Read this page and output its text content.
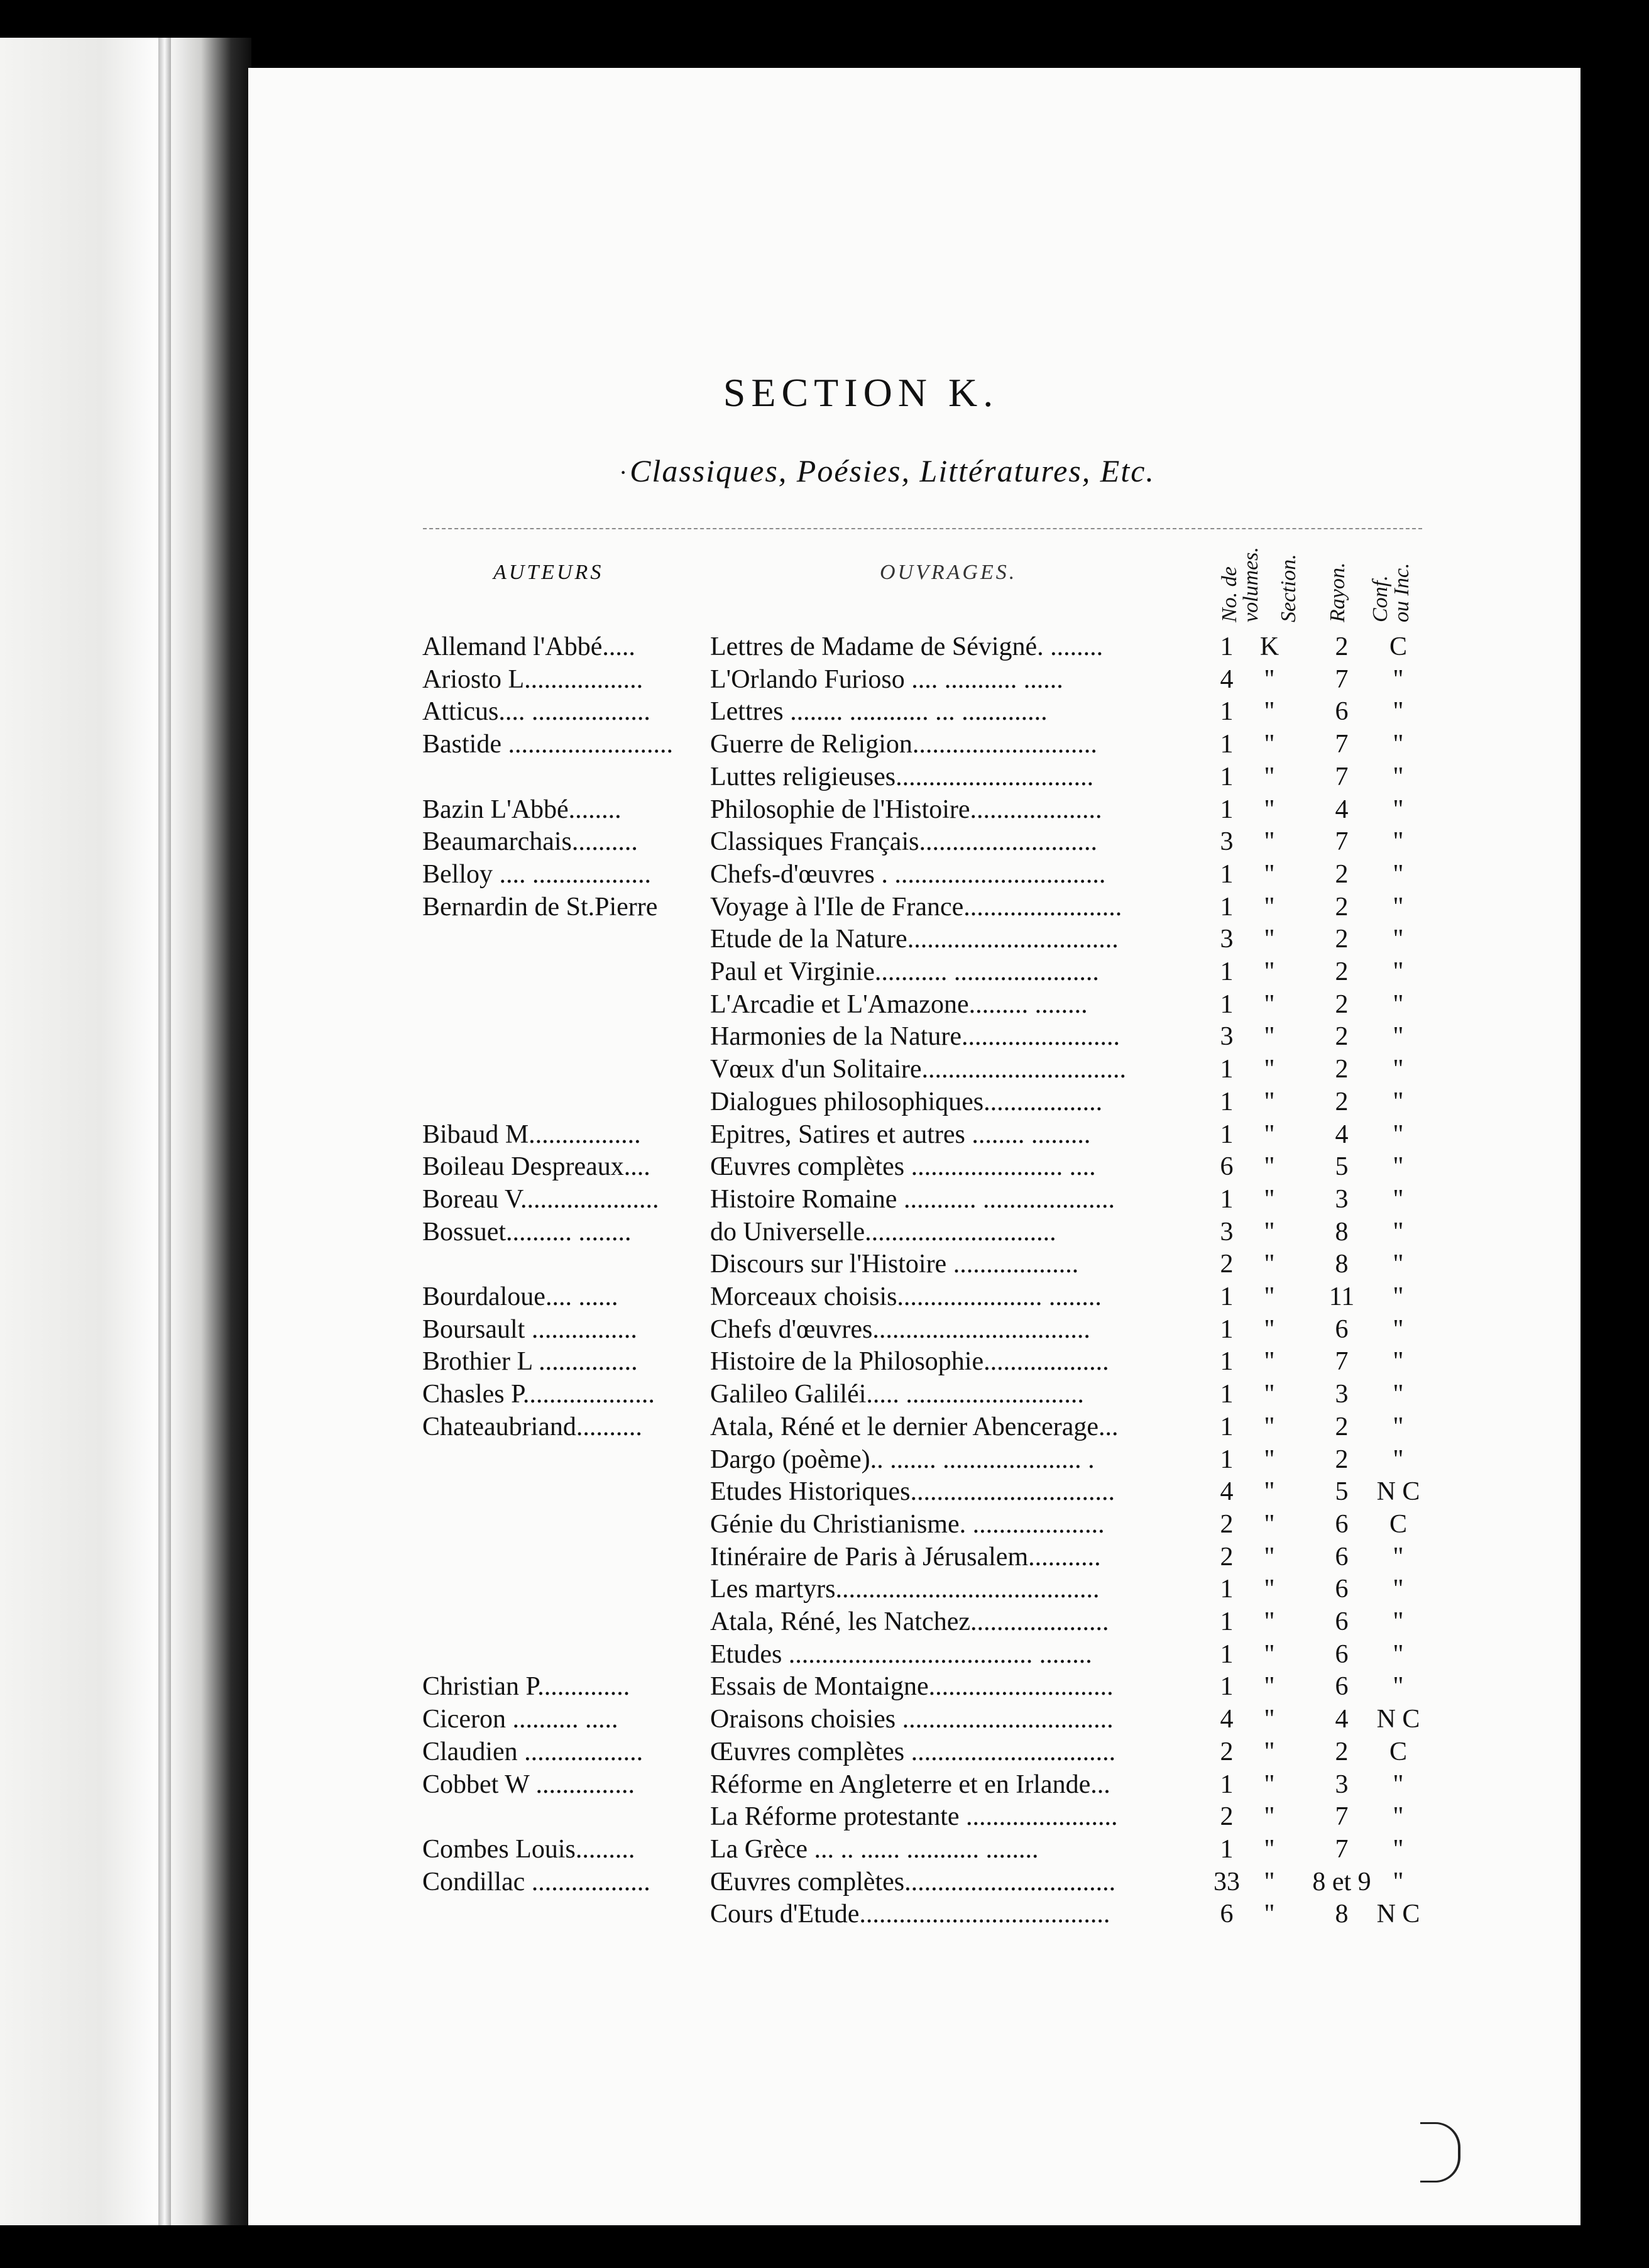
SECTION K.
· Classiques, Poésies, Littératures, Etc.
AUTEURS	OUVRAGES.	No. de
volumes. Section. Rayon. Conf.
ou Inc.
Allemand l'Abbé.....	Lettres de Madame de Sévigné. ........	1	K	2	C
Ariosto L..................	L'Orlando Furioso .... ........... ......	4	"	7	"
Atticus.... ..................	Lettres ........ ............ ... .............	1	"	6	"
Bastide .........................	Guerre de Religion............................	1	"	7	"
Luttes religieuses..............................	1	"	7	"
Bazin L'Abbé........	Philosophie de l'Histoire....................	1	"	4	"
Beaumarchais..........	Classiques Français...........................	3	"	7	"
Belloy .... ..................	Chefs-d'œuvres . ................................	1	"	2	"
Bernardin de St.Pierre	Voyage à l'Ile de France........................	1	"	2	"
Etude de la Nature................................	3	"	2	"
Paul et Virginie........... ......................	1	"	2	"
L'Arcadie et L'Amazone......... ........	1	"	2	"
Harmonies de la Nature........................	3	"	2	"
Vœux d'un Solitaire...............................	1	"	2	"
Dialogues philosophiques..................	1	"	2	"
Bibaud M.................	Epitres, Satires et autres ........ .........	1	"	4	"
Boileau Despreaux....	Œuvres complètes ....................... ....	6	"	5	"
Boreau V.....................	Histoire Romaine ........... ....................	1	"	3	"
Bossuet.......... ........	do Universelle.............................	3	"	8	"
Discours sur l'Histoire ...................	2	"	8	"
Bourdaloue.... ......	Morceaux choisis...................... ........	1	"	11	"
Boursault ................	Chefs d'œuvres.................................	1	"	6	"
Brothier L ...............	Histoire de la Philosophie...................	1	"	7	"
Chasles P....................	Galileo Galiléi..... ...........................	1	"	3	"
Chateaubriand..........	Atala, Réné et le dernier Abencerage...	1	"	2	"
Dargo (poème).. ....... ..................... .	1	"	2	"
Etudes Historiques...............................	4	"	5	N C
Génie du Christianisme. ....................	2	"	6	C
Itinéraire de Paris à Jérusalem...........	2	"	6	"
Les martyrs........................................	1	"	6	"
Atala, Réné, les Natchez.....................	1	"	6	"
Etudes ..................................... ........	1	"	6	"
Christian P..............	Essais de Montaigne............................	1	"	6	"
Ciceron .......... .....	Oraisons choisies ................................	4	"	4	N C
Claudien ..................	Œuvres complètes ...............................	2	"	2	C
Cobbet W ...............	Réforme en Angleterre et en Irlande...	1	"	3	"
La Réforme protestante .......................	2	"	7	"
Combes Louis.........	La Grèce ... .. ...... ........... ........	1	"	7	"
Condillac ..................	Œuvres complètes................................	33 "	8 et 9 "
Cours d'Etude......................................	6	"	8	N C
